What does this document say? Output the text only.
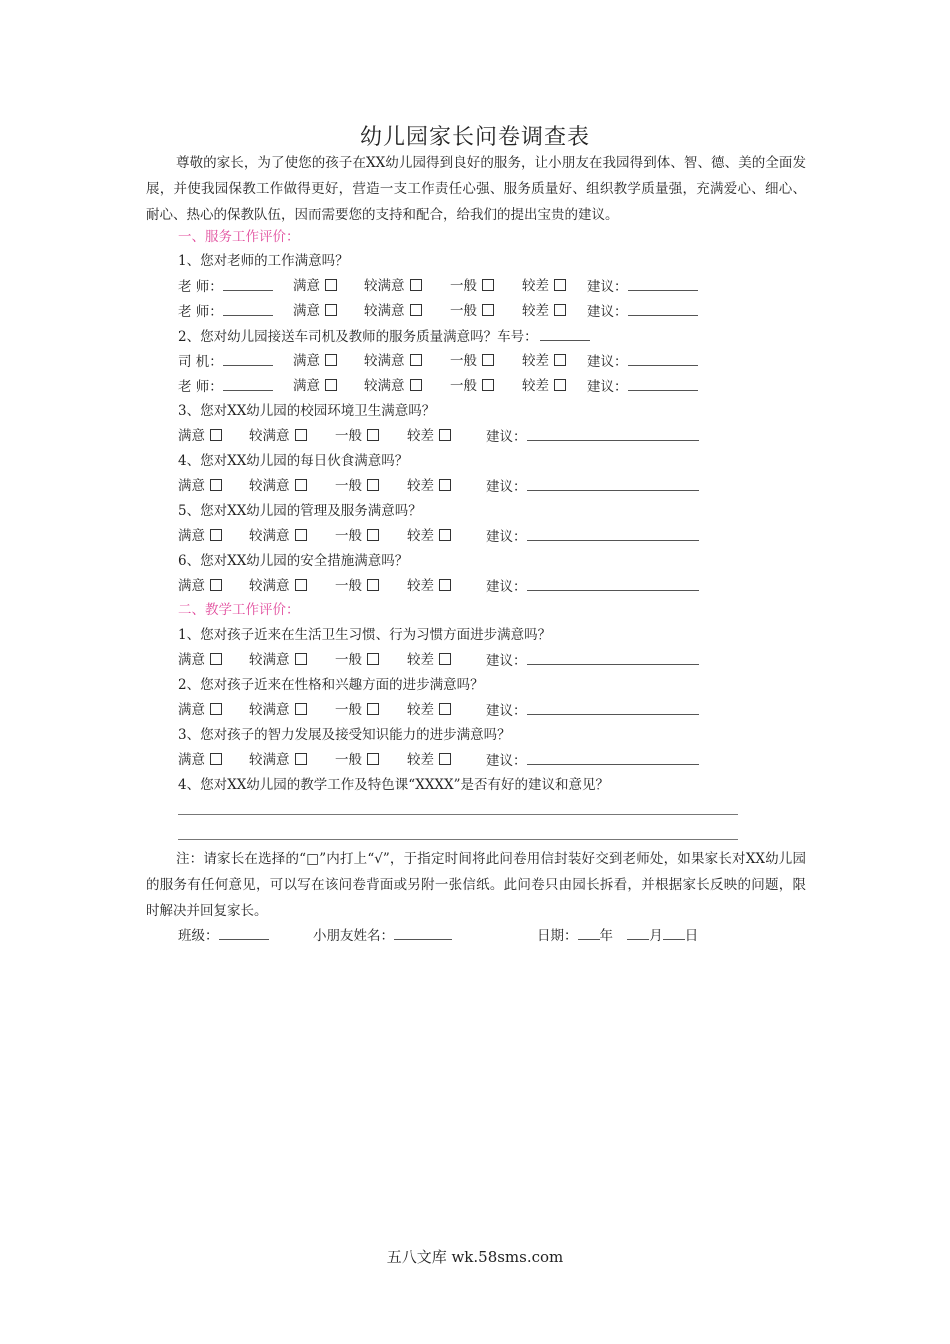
幼儿园家长问卷调查表
尊敬的家长，为了使您的孩子在XX幼儿园得到良好的服务，让小朋友在我园得到体、智、德、美的全面发展，并使我园保教工作做得更好，营造一支工作责任心强、服务质量好、组织教学质量强，充满爱心、细心、耐心、热心的保教队伍，因而需要您的支持和配合，给我们的提出宝贵的建议。
一、服务工作评价：
1、您对老师的工作满意吗？
老 师：	满意	较满意	一般	较差	建议：
老 师：	满意	较满意	一般	较差	建议：
2、您对幼儿园接送车司机及教师的服务质量满意吗？车号：
司 机：	满意	较满意	一般	较差	建议：
老 师：	满意	较满意	一般	较差	建议：
3、您对XX幼儿园的校园环境卫生满意吗？
满意	较满意	一般	较差	建议：
4、您对XX幼儿园的每日伙食满意吗？
满意	较满意	一般	较差	建议：
5、您对XX幼儿园的管理及服务满意吗？
满意	较满意	一般	较差	建议：
6、您对XX幼儿园的安全措施满意吗？
满意	较满意	一般	较差	建议：
二、教学工作评价：
1、您对孩子近来在生活卫生习惯、行为习惯方面进步满意吗？
满意	较满意	一般	较差	建议：
2、您对孩子近来在性格和兴趣方面的进步满意吗？
满意	较满意	一般	较差	建议：
3、您对孩子的智力发展及接受知识能力的进步满意吗？
满意	较满意	一般	较差	建议：
4、您对XX幼儿园的教学工作及特色课“XXXX”是否有好的建议和意见？
注：请家长在选择的“□”内打上“√”，于指定时间将此问卷用信封装好交到老师处，如果家长对XX幼儿园的服务有任何意见，可以写在该问卷背面或另附一张信纸。此问卷只由园长拆看，并根据家长反映的问题，限时解决并回复家长。
班级：	小朋友姓名：	日期： 年	月 日
五八文库 wk.58sms.com
